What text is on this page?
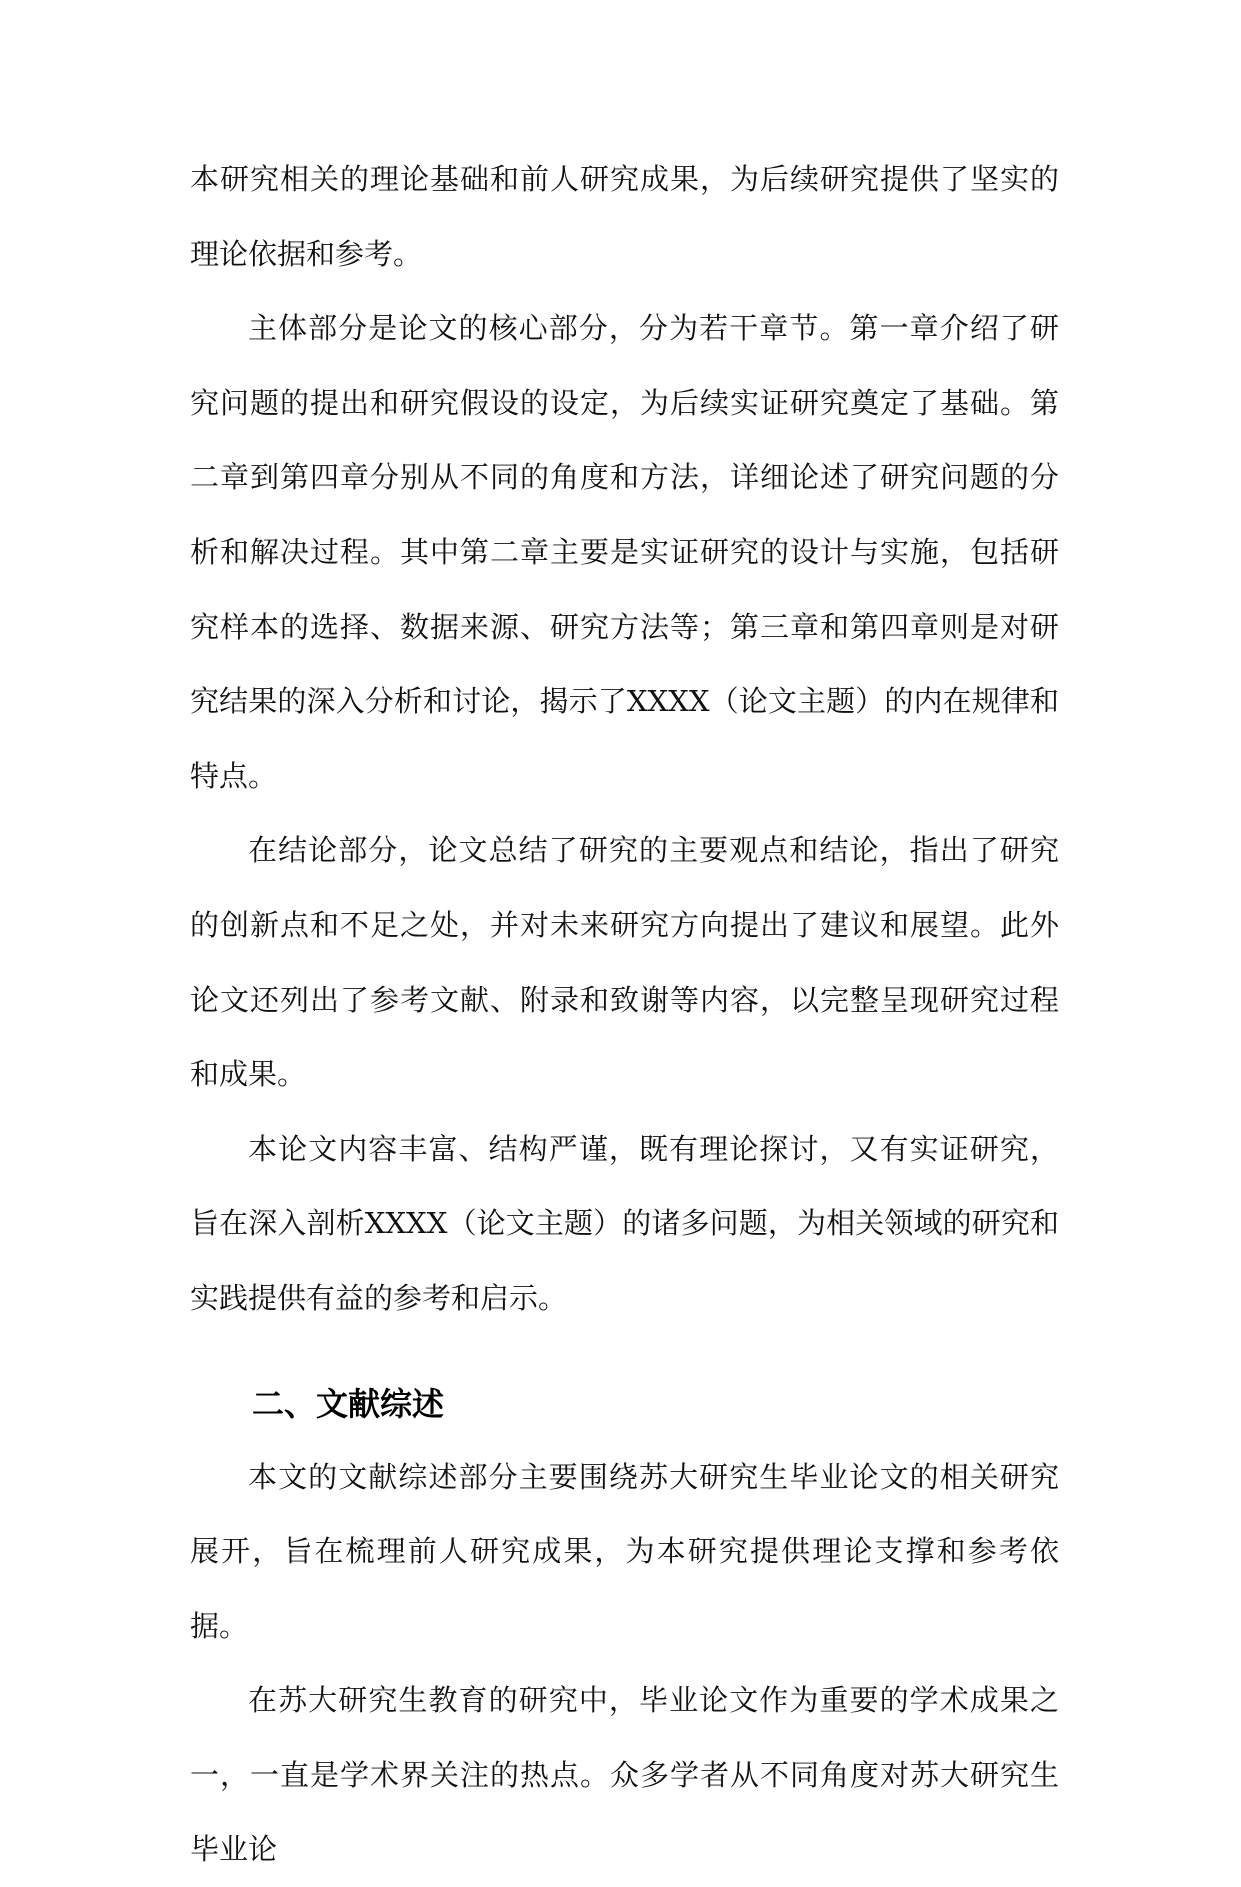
本研究相关的理论基础和前人研究成果，为后续研究提供了坚实的理论依据和参考。

主体部分是论文的核心部分，分为若干章节。第一章介绍了研究问题的提出和研究假设的设定，为后续实证研究奠定了基础。第二章到第四章分别从不同的角度和方法，详细论述了研究问题的分析和解决过程。其中第二章主要是实证研究的设计与实施，包括研究样本的选择、数据来源、研究方法等；第三章和第四章则是对研究结果的深入分析和讨论，揭示了XXXX（论文主题）的内在规律和特点。

在结论部分，论文总结了研究的主要观点和结论，指出了研究的创新点和不足之处，并对未来研究方向提出了建议和展望。此外论文还列出了参考文献、附录和致谢等内容，以完整呈现研究过程和成果。

本论文内容丰富、结构严谨，既有理论探讨，又有实证研究，旨在深入剖析XXXX（论文主题）的诸多问题，为相关领域的研究和实践提供有益的参考和启示。

二、文献综述

本文的文献综述部分主要围绕苏大研究生毕业论文的相关研究展开，旨在梳理前人研究成果，为本研究提供理论支撑和参考依据。

在苏大研究生教育的研究中，毕业论文作为重要的学术成果之一，一直是学术界关注的热点。众多学者从不同角度对苏大研究生毕业论
